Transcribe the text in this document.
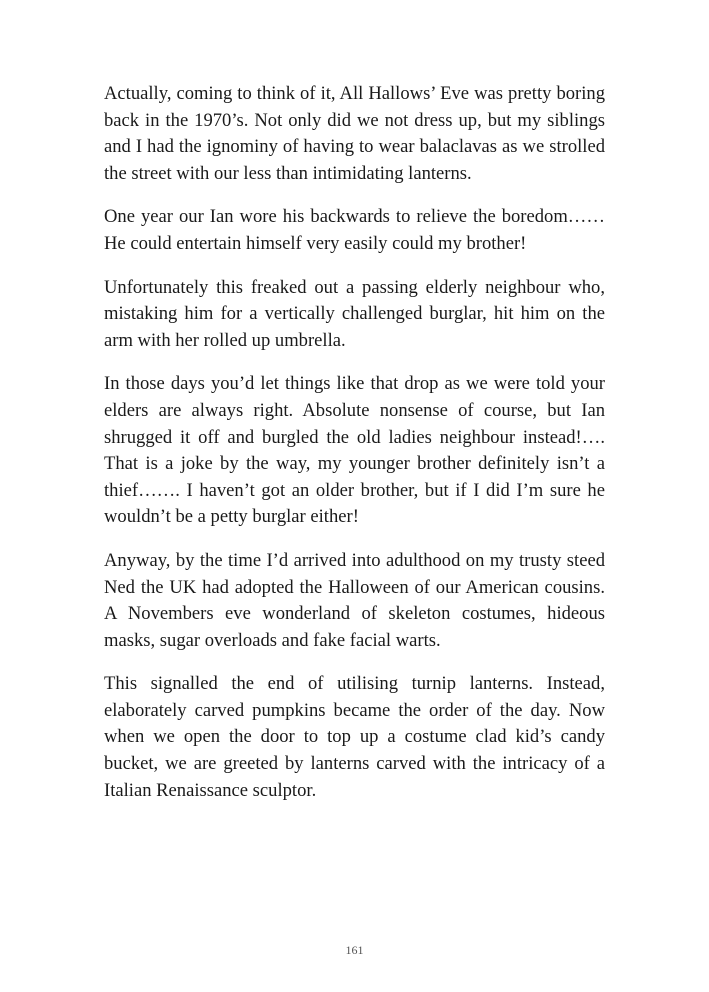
Actually, coming to think of it, All Hallows’ Eve was pretty boring back in the 1970’s. Not only did we not dress up, but my siblings and I had the ignominy of having to wear balaclavas as we strolled the street with our less than intimidating lanterns.

One year our Ian wore his backwards to relieve the boredom…… He could entertain himself very easily could my brother!

Unfortunately this freaked out a passing elderly neighbour who, mistaking him for a vertically challenged burglar, hit him on the arm with her rolled up umbrella.

In those days you’d let things like that drop as we were told your elders are always right. Absolute nonsense of course, but Ian shrugged it off and burgled the old ladies neighbour instead!…. That is a joke by the way, my younger brother definitely isn’t a thief……. I haven’t got an older brother, but if I did I’m sure he wouldn’t be a petty burglar either!

Anyway, by the time I’d arrived into adulthood on my trusty steed Ned the UK had adopted the Halloween of our American cousins. A Novembers eve wonderland of skeleton costumes, hideous masks, sugar overloads and fake facial warts.

This signalled the end of utilising turnip lanterns. Instead, elaborately carved pumpkins became the order of the day. Now when we open the door to top up a costume clad kid’s candy bucket, we are greeted by lanterns carved with the intricacy of a Italian Renaissance sculptor.

161
